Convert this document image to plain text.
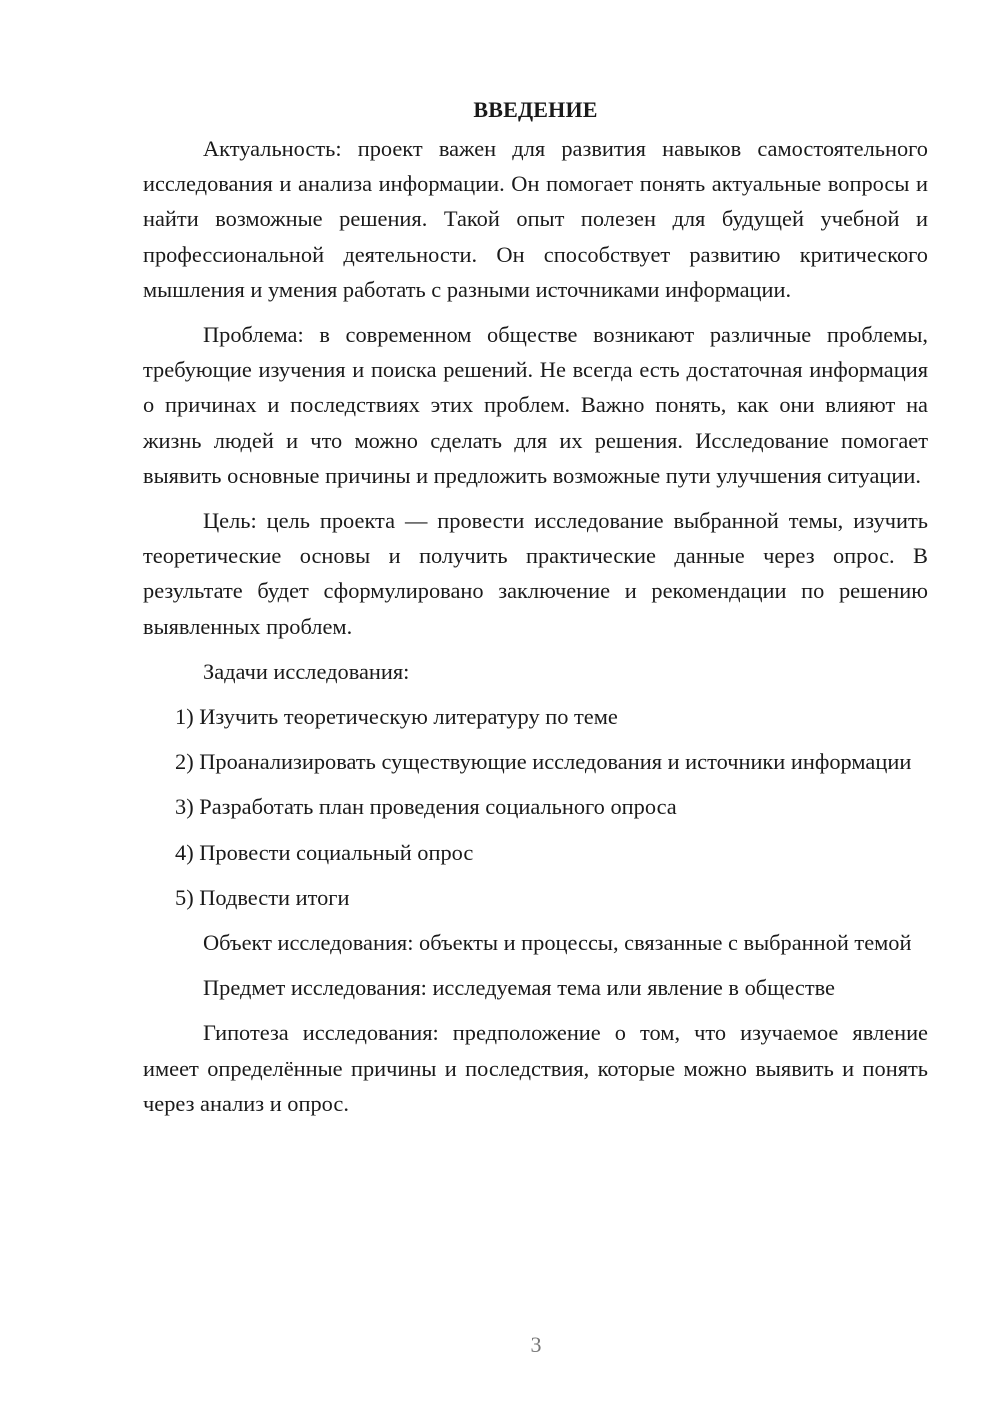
ВВЕДЕНИЕ

Актуальность: проект важен для развития навыков самостоятельного исследования и анализа информации. Он помогает понять актуальные вопросы и найти возможные решения. Такой опыт полезен для будущей учебной и профессиональной деятельности. Он способствует развитию критического мышления и умения работать с разными источниками информации.

Проблема: в современном обществе возникают различные проблемы, требующие изучения и поиска решений. Не всегда есть достаточная информация о причинах и последствиях этих проблем. Важно понять, как они влияют на жизнь людей и что можно сделать для их решения. Исследование помогает выявить основные причины и предложить возможные пути улучшения ситуации.

Цель: цель проекта — провести исследование выбранной темы, изучить теоретические основы и получить практические данные через опрос. В результате будет сформулировано заключение и рекомендации по решению выявленных проблем.

Задачи исследования:

1) Изучить теоретическую литературу по теме

2) Проанализировать существующие исследования и источники информации

3) Разработать план проведения социального опроса

4) Провести социальный опрос

5) Подвести итоги

Объект исследования: объекты и процессы, связанные с выбранной темой

Предмет исследования: исследуемая тема или явление в обществе

Гипотеза исследования: предположение о том, что изучаемое явление имеет определённые причины и последствия, которые можно выявить и понять через анализ и опрос.

3
